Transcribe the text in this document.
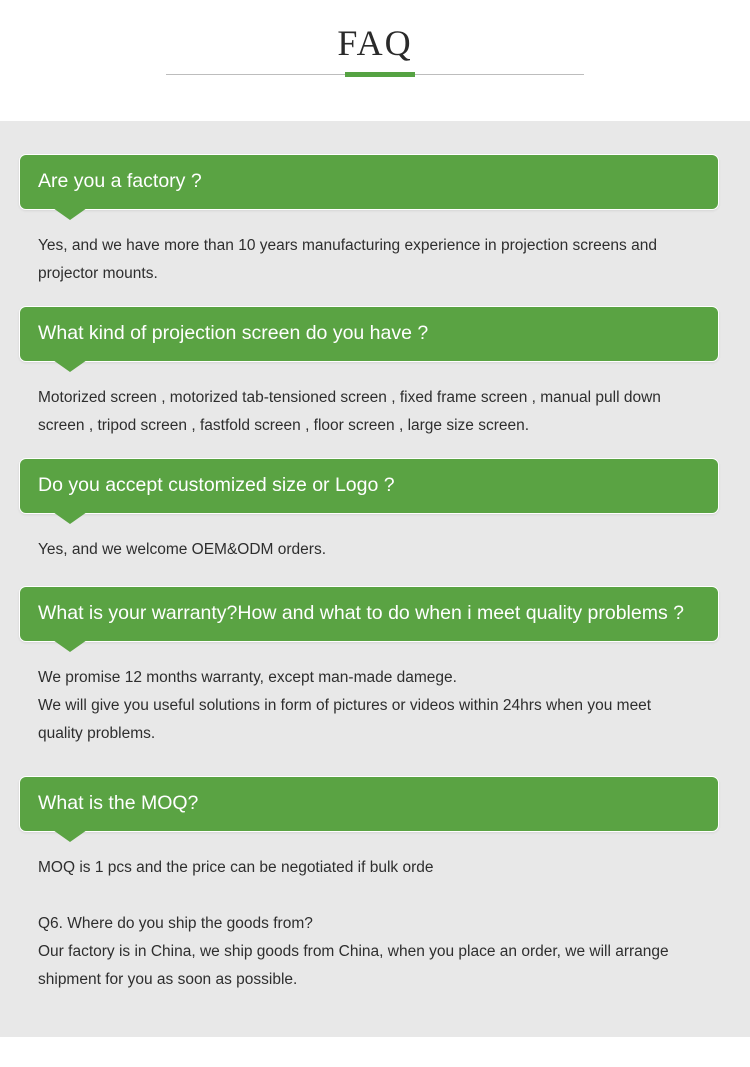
FAQ
Are you a factory ?
Yes, and we have more than 10 years manufacturing experience in projection screens and
projector mounts.
What kind of projection screen do you have ?
Motorized screen , motorized tab-tensioned screen , fixed frame screen , manual pull down
screen , tripod screen , fastfold screen , floor screen , large size screen.
Do you accept customized size or Logo ?
Yes, and we welcome OEM&ODM orders.
What is your warranty?How and what to do when i meet quality problems ?
We promise 12 months warranty, except man-made damege.
We will give you useful solutions in form of pictures or videos within 24hrs when you meet
quality problems.
What is the MOQ?
MOQ is 1 pcs and the price can be negotiated if bulk orde
Q6. Where do you ship the goods from?
Our factory is in China, we ship goods from China, when you place an order, we will arrange
shipment for you as soon as possible.
